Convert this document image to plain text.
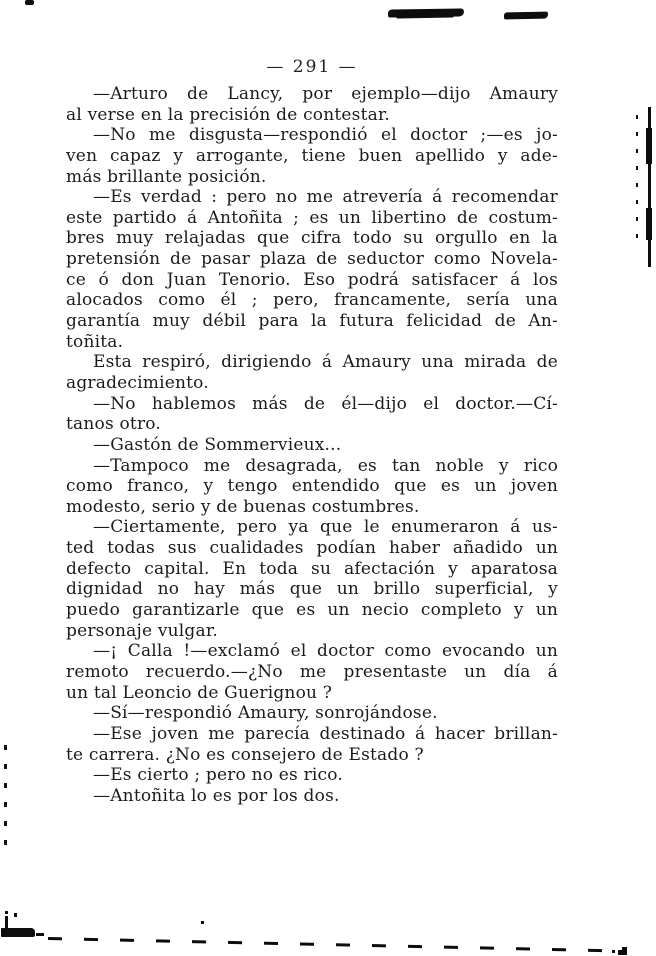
— 291 —
—Arturo de Lancy, por ejemplo—dijo Amaury
al verse en la precisión de contestar.
—No me disgusta—respondió el doctor ;—es jo-
ven capaz y arrogante, tiene buen apellido y ade-
más brillante posición.
—Es verdad : pero no me atrevería á recomendar
este partido á Antoñita ; es un libertino de costum-
bres muy relajadas que cifra todo su orgullo en la
pretensión de pasar plaza de seductor como Novela-
ce ó don Juan Tenorio. Eso podrá satisfacer á los
alocados como él ; pero, francamente, sería una
garantía muy débil para la futura felicidad de An-
toñita.
Esta respiró, dirigiendo á Amaury una mirada de
agradecimiento.
—No hablemos más de él—dijo el doctor.—Cí-
tanos otro.
—Gastón de Sommervieux...
—Tampoco me desagrada, es tan noble y rico
como franco, y tengo entendido que es un joven
modesto, serio y de buenas costumbres.
—Ciertamente, pero ya que le enumeraron á us-
ted todas sus cualidades podían haber añadido un
defecto capital. En toda su afectación y aparatosa
dignidad no hay más que un brillo superficial, y
puedo garantizarle que es un necio completo y un
personaje vulgar.
—¡ Calla !—exclamó el doctor como evocando un
remoto recuerdo.—¿No me presentaste un día á
un tal Leoncio de Guerignou ?
—Sí—respondió Amaury, sonrojándose.
—Ese joven me parecía destinado á hacer brillan-
te carrera. ¿No es consejero de Estado ?
—Es cierto ; pero no es rico.
—Antoñita lo es por los dos.
